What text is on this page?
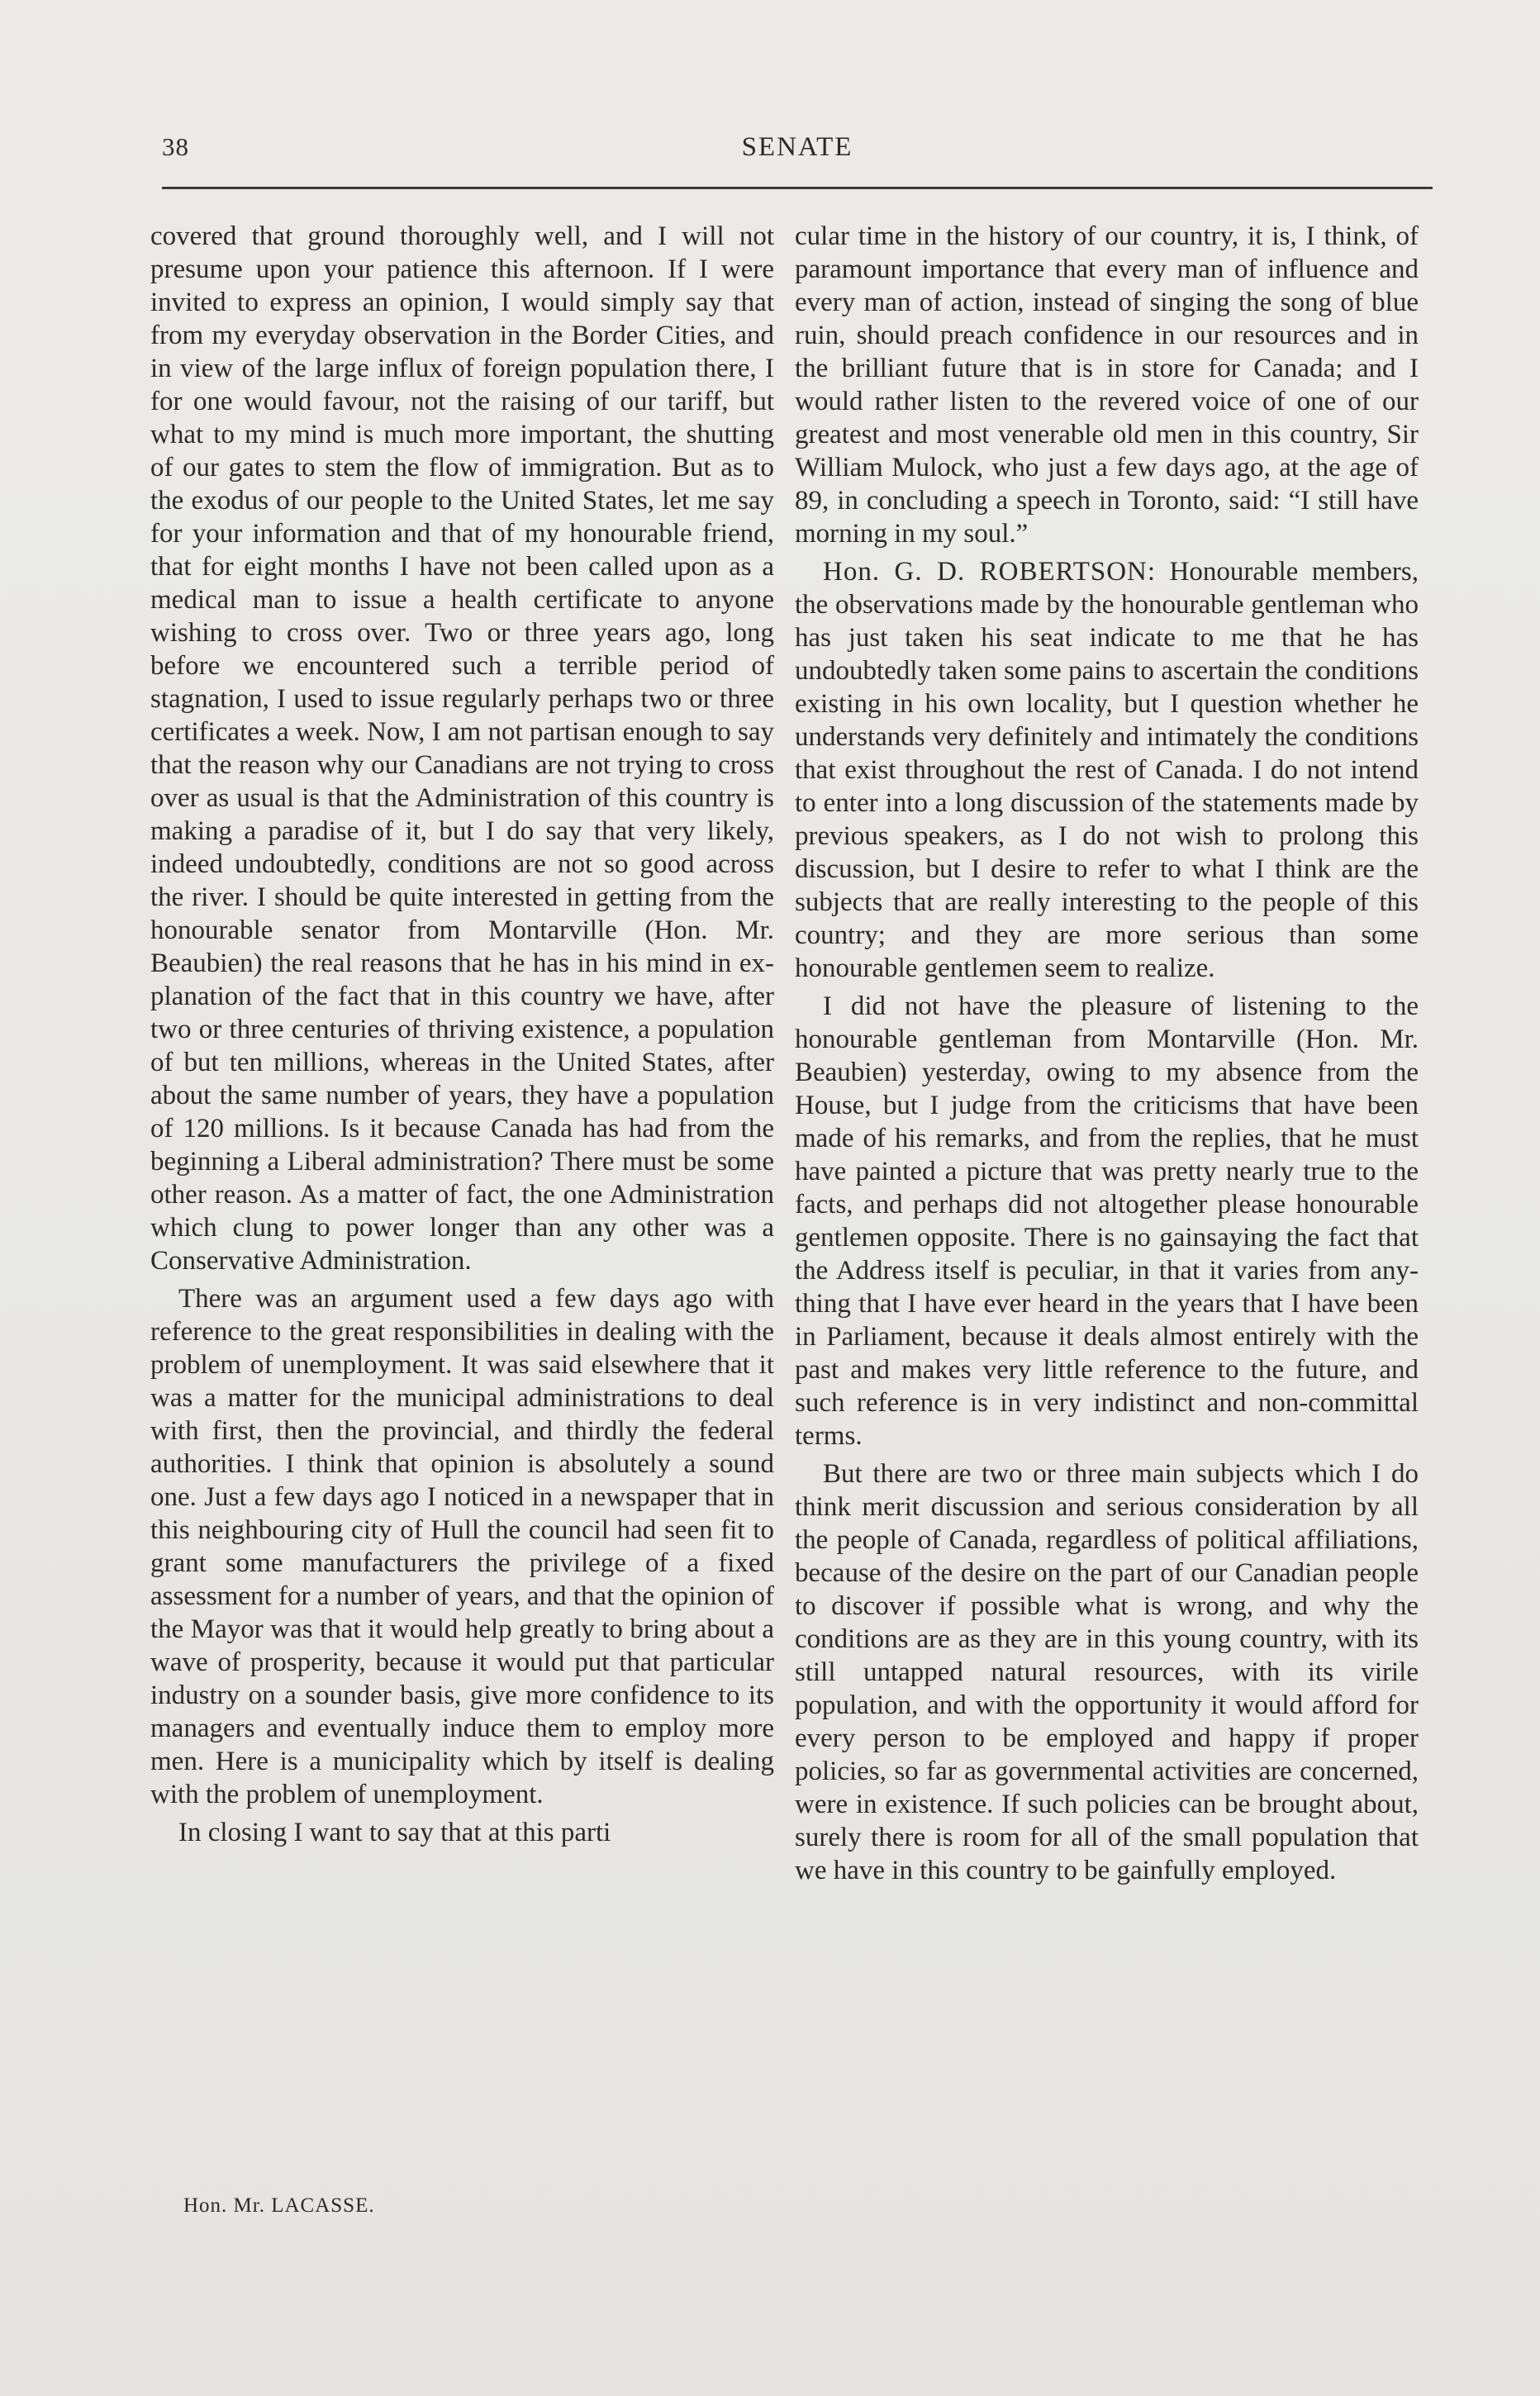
38	SENATE

covered that ground thoroughly well, and I will not presume upon your patience this afternoon. If I were invited to express an opinion, I would simply say that from my everyday observation in the Border Cities, and in view of the large influx of foreign population there, I for one would favour, not the raising of our tariff, but what to my mind is much more important, the shutting of our gates to stem the flow of immigration. But as to the exodus of our people to the United States, let me say for your information and that of my honourable friend, that for eight months I have not been called upon as a medical man to issue a health certificate to anyone wishing to cross over. Two or three years ago, long before we encountered such a terrible period of stagnation, I used to issue regularly perhaps two or three certificates a week. Now, I am not partisan enough to say that the reason why our Canadians are not trying to cross over as usual is that the Administration of this country is making a paradise of it, but I do say that very likely, indeed undoubtedly, conditions are not so good across the river. I should be quite interested in getting from the honourable senator from Montarville (Hon. Mr. Beaubien) the real reasons that he has in his mind in explanation of the fact that in this country we have, after two or three centuries of thriving existence, a population of but ten millions, whereas in the United States, after about the same number of years, they have a population of 120 millions. Is it because Canada has had from the beginning a Liberal administration? There must be some other reason. As a matter of fact, the one Administration which clung to power longer than any other was a Conservative Administration.

There was an argument used a few days ago with reference to the great responsibilities in dealing with the problem of unemployment. It was said elsewhere that it was a matter for the municipal administrations to deal with first, then the provincial, and thirdly the federal authorities. I think that opinion is absolutely a sound one. Just a few days ago I noticed in a newspaper that in this neighbouring city of Hull the council had seen fit to grant some manufacturers the privilege of a fixed assessment for a number of years, and that the opinion of the Mayor was that it would help greatly to bring about a wave of prosperity, because it would put that particular industry on a sounder basis, give more confidence to its managers and eventually induce them to employ more men. Here is a municipality which by itself is dealing with the problem of unemployment.

In closing I want to say that at this parti

cular time in the history of our country, it is, I think, of paramount importance that every man of influence and every man of action, instead of singing the song of blue ruin, should preach confidence in our resources and in the brilliant future that is in store for Canada; and I would rather listen to the revered voice of one of our greatest and most venerable old men in this country, Sir William Mulock, who just a few days ago, at the age of 89, in concluding a speech in Toronto, said: “I still have morning in my soul.”

Hon. G. D. ROBERTSON: Honourable members, the observations made by the honourable gentleman who has just taken his seat indicate to me that he has undoubtedly taken some pains to ascertain the conditions existing in his own locality, but I question whether he understands very definitely and intimately the conditions that exist throughout the rest of Canada. I do not intend to enter into a long discussion of the statements made by previous speakers, as I do not wish to prolong this discussion, but I desire to refer to what I think are the subjects that are really interesting to the people of this country; and they are more serious than some honourable gentlemen seem to realize.

I did not have the pleasure of listening to the honourable gentleman from Montarville (Hon. Mr. Beaubien) yesterday, owing to my absence from the House, but I judge from the criticisms that have been made of his remarks, and from the replies, that he must have painted a picture that was pretty nearly true to the facts, and perhaps did not altogether please honourable gentlemen opposite. There is no gainsaying the fact that the Address itself is peculiar, in that it varies from anything that I have ever heard in the years that I have been in Parliament, because it deals almost entirely with the past and makes very little reference to the future, and such reference is in very indistinct and non-committal terms.

But there are two or three main subjects which I do think merit discussion and serious consideration by all the people of Canada, regardless of political affiliations, because of the desire on the part of our Canadian people to discover if possible what is wrong, and why the conditions are as they are in this young country, with its still untapped natural resources, with its virile population, and with the opportunity it would afford for every person to be employed and happy if proper policies, so far as governmental activities are concerned, were in existence. If such policies can be brought about, surely there is room for all of the small population that we have in this country to be gainfully employed.

Hon. Mr. LACASSE.
